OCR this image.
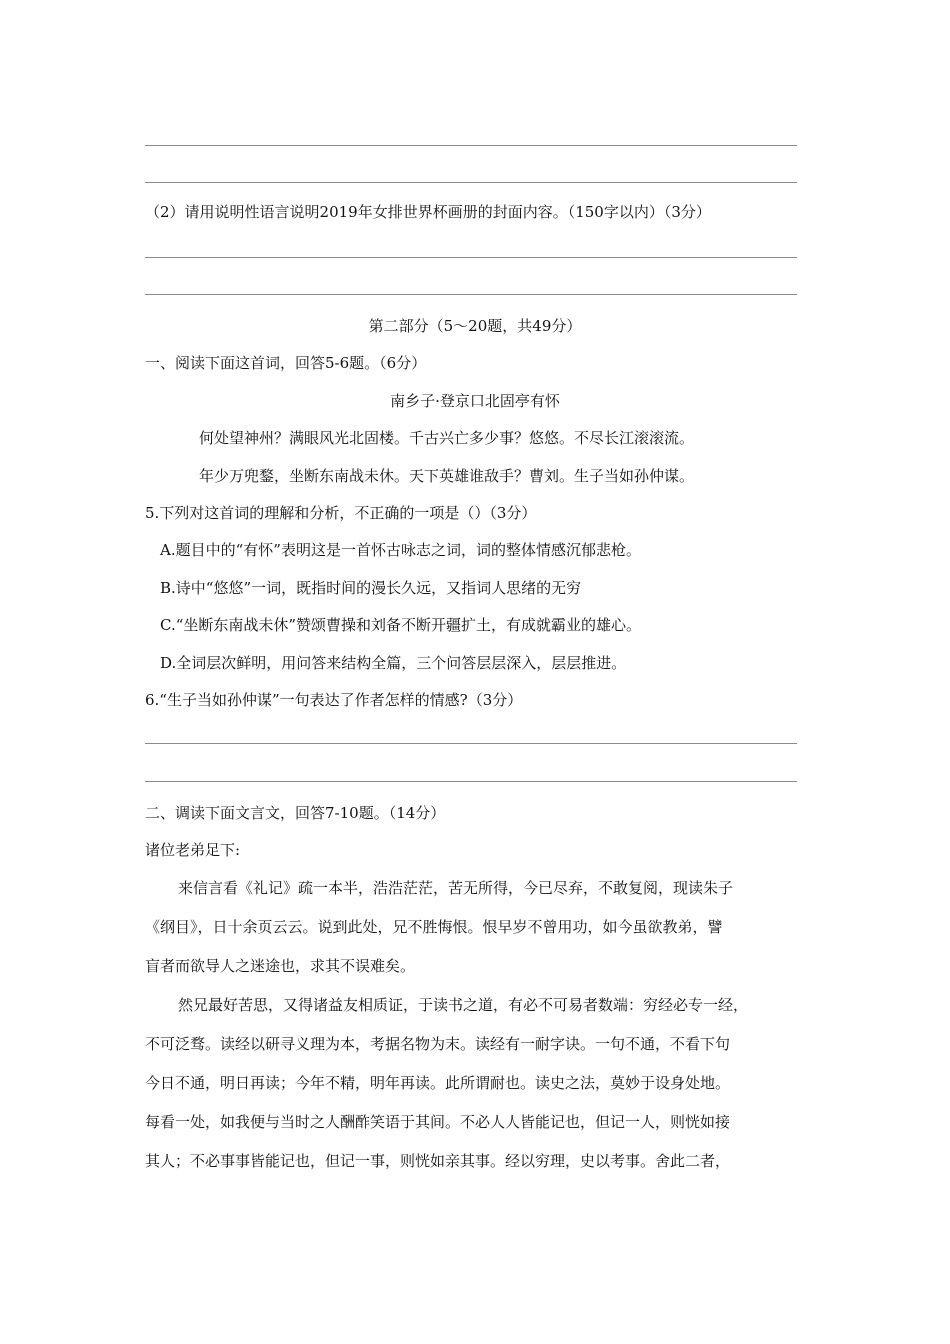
（2）请用说明性语言说明2019年女排世界杯画册的封面内容。（150字以内）（3分）
第二部分（5～20题，共49分）
一、阅读下面这首词，回答5-6题。（6分）
南乡子·登京口北固亭有怀
何处望神州？满眼风光北固楼。千古兴亡多少事？悠悠。不尽长江滚滚流。
年少万兜鍪，坐断东南战未休。天下英雄谁敌手？曹刘。生子当如孙仲谋。
5.下列对这首词的理解和分析，不正确的一项是（）（3分）
A.题目中的“有怀”表明这是一首怀古咏志之词，词的整体情感沉郁悲枪。
B.诗中“悠悠”一词，既指时间的漫长久远，又指词人思绪的无穷
C.“坐断东南战未休”赞颂曹操和刘备不断开疆扩土，有成就霸业的雄心。
D.全词层次鲜明，用问答来结构全篇，三个问答层层深入，层层推进。
6.“生子当如孙仲谋”一句表达了作者怎样的情感?（3分）
二、调读下面文言文，回答7-10题。（14分）
诸位老弟足下:
来信言看《礼记》疏一本半，浩浩茫茫，苦无所得，今已尽弃，不敢复阅，现读朱子
《纲目》，日十余页云云。说到此处，兄不胜悔恨。恨早岁不曾用功，如今虽欲教弟，譬
盲者而欲导人之迷途也，求其不误难矣。
然兄最好苦思，又得诸益友相质证，于读书之道，有必不可易者数端：穷经必专一经，
不可泛骛。读经以研寻义理为本，考据名物为末。读经有一耐字诀。一句不通，不看下句
今日不通，明日再读；今年不精，明年再读。此所谓耐也。读史之法，莫妙于设身处地。
每看一处，如我便与当时之人酬酢笑语于其间。不必人人皆能记也，但记一人，则恍如接
其人；不必事事皆能记也，但记一事，则恍如亲其事。经以穷理，史以考事。舍此二者，
